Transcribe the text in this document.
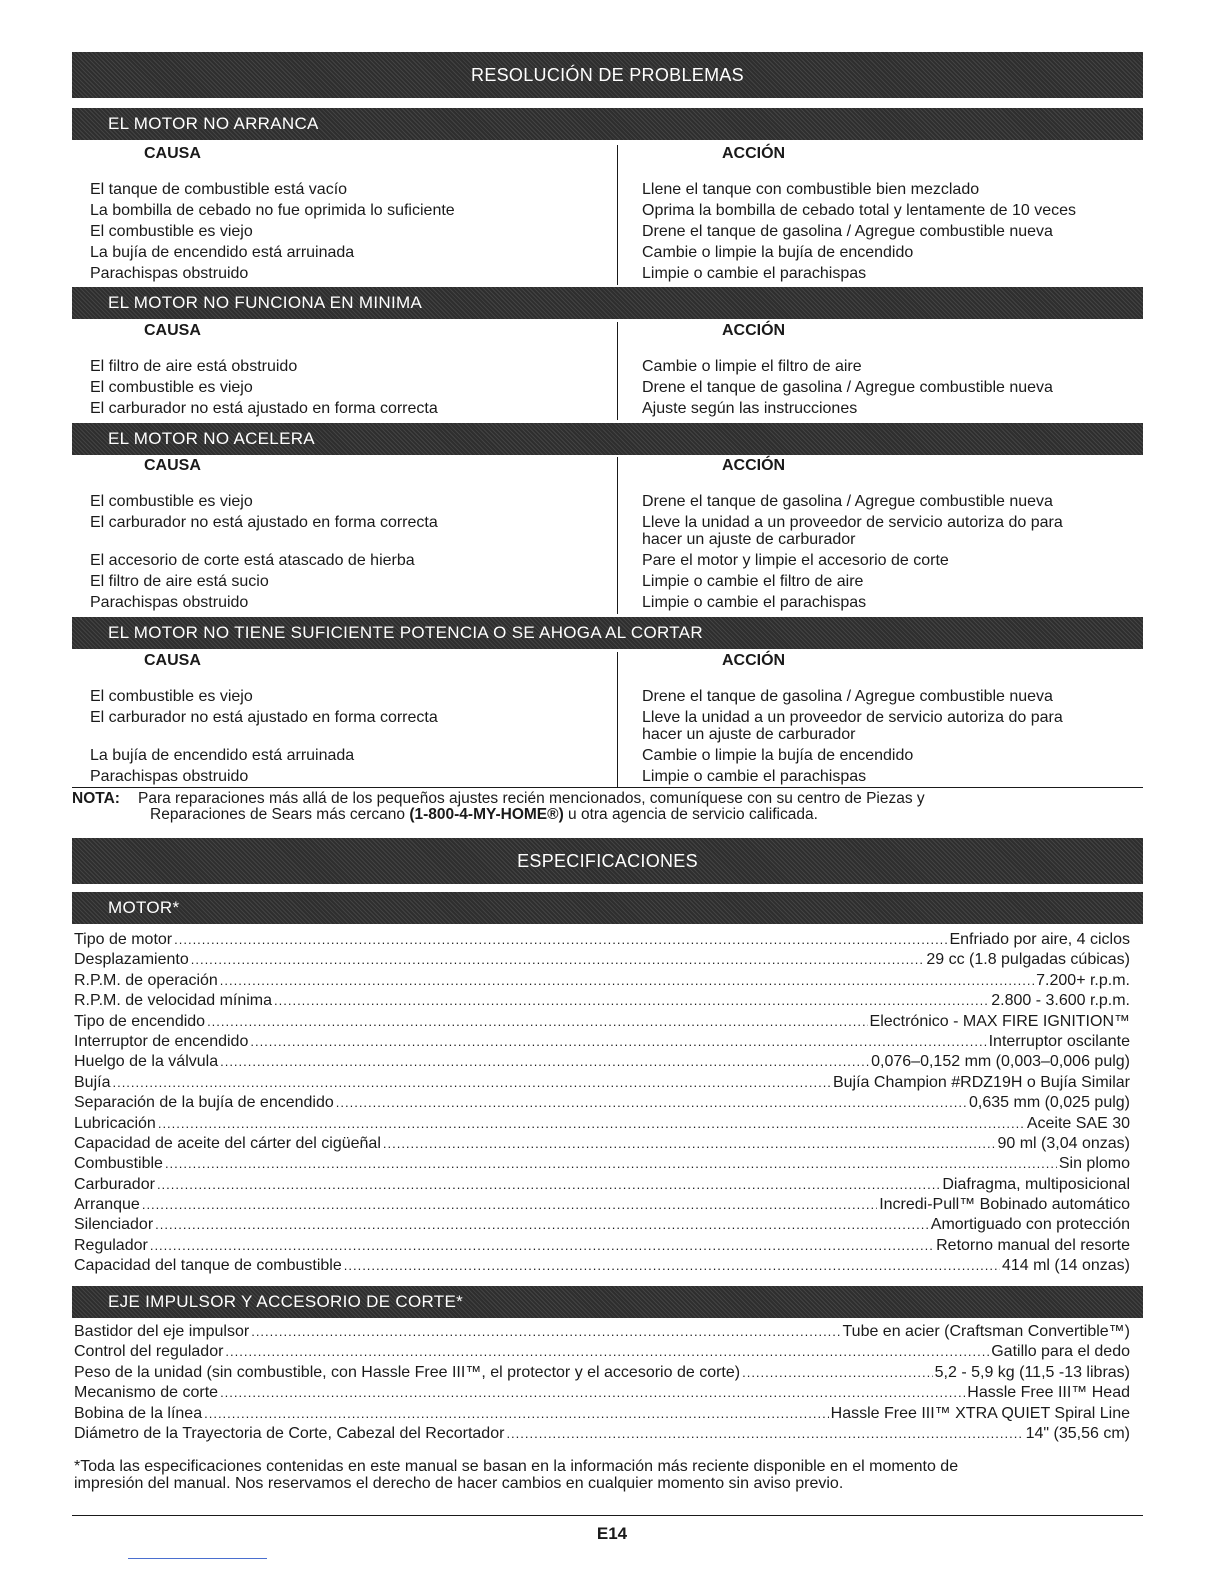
RESOLUCIÓN DE PROBLEMAS
EL MOTOR NO ARRANCA
CAUSA	ACCIÓN
El tanque de combustible está vacío	Llene el tanque con combustible bien mezclado
La bombilla de cebado no fue oprimida lo suficiente	Oprima la bombilla de cebado total y lentamente de 10 veces
El combustible es viejo	Drene el tanque de gasolina / Agregue combustible nueva
La bujía de encendido está arruinada	Cambie o limpie la bujía de encendido
Parachispas obstruido	Limpie o cambie el parachispas
EL MOTOR NO FUNCIONA EN MINIMA
CAUSA	ACCIÓN
El filtro de aire está obstruido	Cambie o limpie el filtro de aire
El combustible es viejo	Drene el tanque de gasolina / Agregue combustible nueva
El carburador no está ajustado en forma correcta	Ajuste según las instrucciones
EL MOTOR NO ACELERA
CAUSA	ACCIÓN
El combustible es viejo	Drene el tanque de gasolina / Agregue combustible nueva
El carburador no está ajustado en forma correcta	Lleve la unidad a un proveedor de servicio autoriza do para
hacer un ajuste de carburador
El accesorio de corte está atascado de hierba	Pare el motor y limpie el accesorio de corte
El filtro de aire está sucio	Limpie o cambie el filtro de aire
Parachispas obstruido	Limpie o cambie el parachispas
EL MOTOR NO TIENE SUFICIENTE POTENCIA O SE AHOGA AL CORTAR
CAUSA	ACCIÓN
El combustible es viejo	Drene el tanque de gasolina / Agregue combustible nueva
El carburador no está ajustado en forma correcta	Lleve la unidad a un proveedor de servicio autoriza do para
hacer un ajuste de carburador
La bujía de encendido está arruinada	Cambie o limpie la bujía de encendido
Parachispas obstruido	Limpie o cambie el parachispas
NOTA: Para reparaciones más allá de los pequeños ajustes recién mencionados, comuníquese con su centro de Piezas y
Reparaciones de Sears más cercano (1-800-4-MY-HOME®) u otra agencia de servicio calificada.
ESPECIFICACIONES
MOTOR*
Tipo de motor .....	Enfriado por aire, 4 ciclos
Desplazamiento .....	29 cc (1.8 pulgadas cúbicas)
R.P.M. de operación .....	7.200+ r.p.m.
R.P.M. de velocidad mínima .....	2.800 - 3.600 r.p.m.
Tipo de encendido .....	Electrónico - MAX FIRE IGNITION™
Interruptor de encendido .....	Interruptor oscilante
Huelgo de la válvula .....	0,076–0,152 mm (0,003–0,006 pulg)
Bujía .....	Bujía Champion #RDZ19H o Bujía Similar
Separación de la bujía de encendido .....	0,635 mm (0,025 pulg)
Lubricación .....	Aceite SAE 30
Capacidad de aceite del cárter del cigüeñal .....	90 ml (3,04 onzas)
Combustible .....	Sin plomo
Carburador .....	Diafragma, multiposicional
Arranque .....	Incredi-Pull™ Bobinado automático
Silenciador .....	Amortiguado con protección
Regulador .....	Retorno manual del resorte
Capacidad del tanque de combustible .....	414 ml (14 onzas)
EJE IMPULSOR Y ACCESORIO DE CORTE*
Bastidor del eje impulsor .....	Tube en acier (Craftsman Convertible™)
Control del regulador .....	Gatillo para el dedo
Peso de la unidad (sin combustible, con Hassle Free III™, el protector y el accesorio de corte) .....	5,2 - 5,9 kg (11,5 -13 libras)
Mecanismo de corte .....	Hassle Free III™ Head
Bobina de la línea .....	Hassle Free III™ XTRA QUIET Spiral Line
Diámetro de la Trayectoria de Corte, Cabezal del Recortador .....	14" (35,56 cm)
*Toda las especificaciones contenidas en este manual se basan en la información más reciente disponible en el momento de
impresión del manual. Nos reservamos el derecho de hacer cambios en cualquier momento sin aviso previo.
E14
